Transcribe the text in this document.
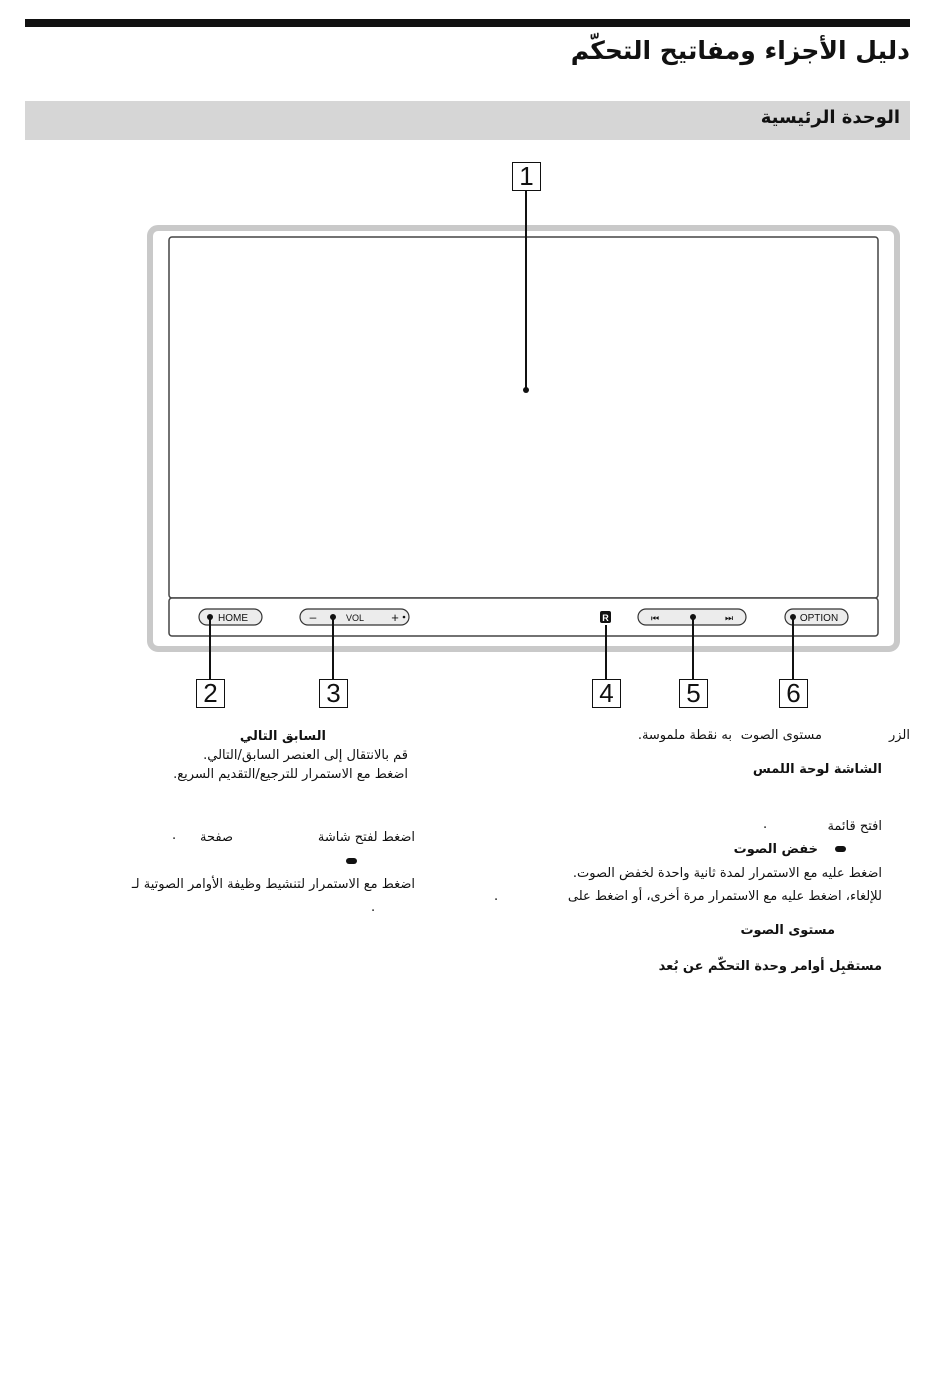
دليل الأجزاء ومفاتيح التحكّم
الوحدة الرئيسية
HOME	–	VOL +	R	⏮	⏭	OPTION
1
2	3	4	5	6
الزر
مستوى الصوت
به نقطة ملموسة.
الشاشة لوحة اللمس
افتح قائمة
.
خفض الصوت
اضغط عليه مع الاستمرار لمدة ثانية واحدة لخفض الصوت.
للإلغاء، اضغط عليه مع الاستمرار مرة أخرى، أو اضغط على
.
مستوى الصوت
مستقبِل أوامر وحدة التحكّم عن بُعد
السابق التالي
قم بالانتقال إلى العنصر السابق/التالي.
اضغط مع الاستمرار للترجيع/التقديم السريع.
اضغط لفتح شاشة
صفحة
.
اضغط مع الاستمرار لتنشيط وظيفة الأوامر الصوتية لـ
.
